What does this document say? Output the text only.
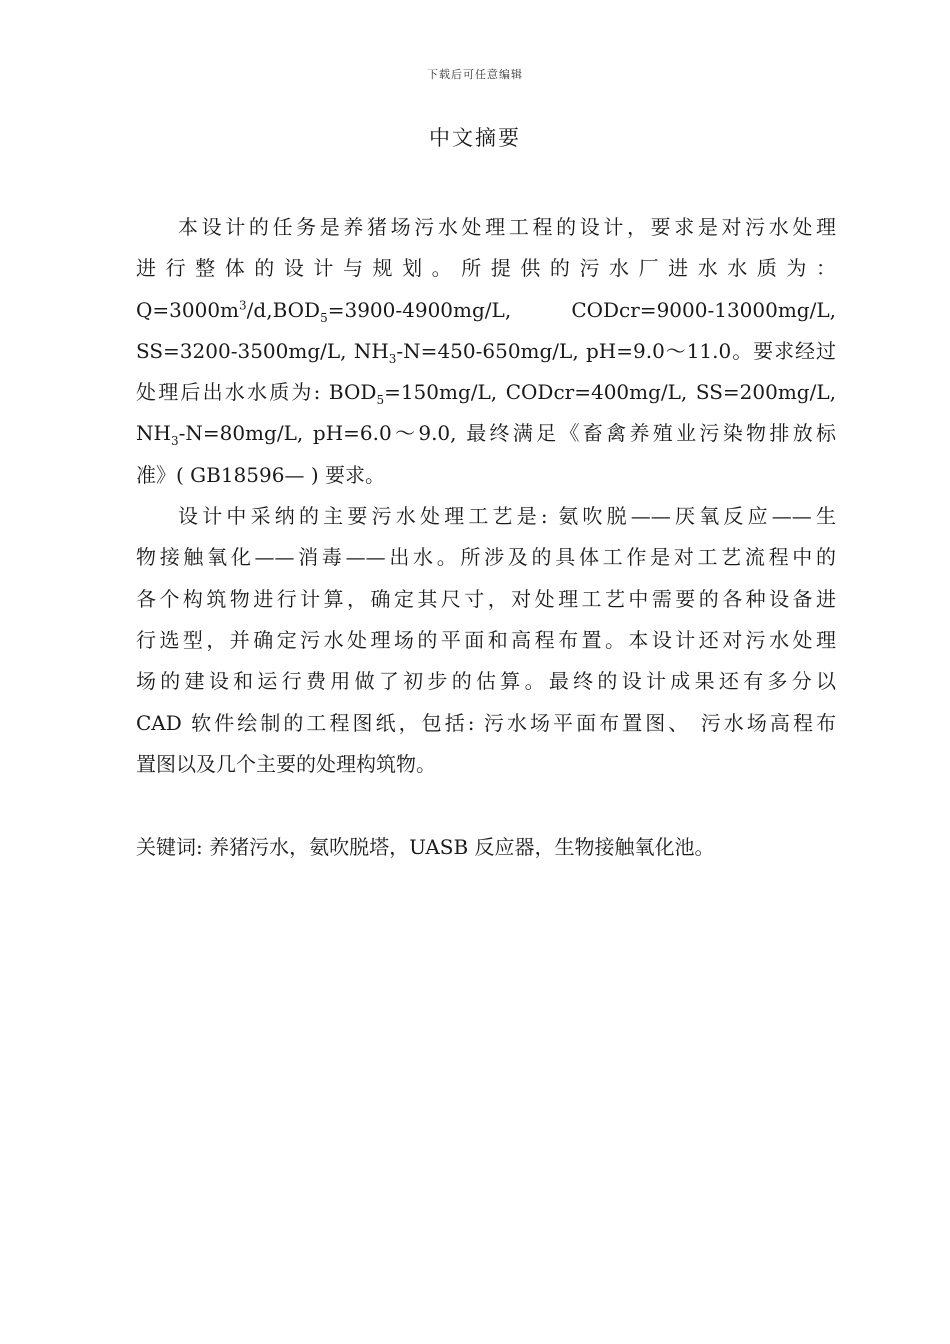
下载后可任意编辑
中文摘要
本设计的任务是养猪场污水处理工程的设计，要求是对污水处理
进行整体的设计与规划。所提供的污水厂进水水质为：
$Q=3000m^3/d,BOD_5=3900-4900mg/L$,	CODcr=9000-13000mg/L,
SS=3200-3500mg/L, $NH_3-N=450-650mg/L$, pH=9.0～11.0。要求经过
处理后出水水质为: $BOD_5=150mg/L$, CODcr=400mg/L, SS=200mg/L,
$NH_3-N=80mg/L$, pH=6.0～9.0, 最终满足《畜禽养殖业污染物排放标
准》( GB18596— ) 要求。
设计中采纳的主要污水处理工艺是: 氨吹脱——厌氧反应——生
物接触氧化——消毒——出水。所涉及的具体工作是对工艺流程中的
各个构筑物进行计算，确定其尺寸，对处理工艺中需要的各种设备进
行选型，并确定污水处理场的平面和高程布置。本设计还对污水处理
场的建设和运行费用做了初步的估算。最终的设计成果还有多分以
CAD 软件绘制的工程图纸，包括: 污水场平面布置图、 污水场高程布
置图以及几个主要的处理构筑物。
关键词: 养猪污水，氨吹脱塔，UASB 反应器，生物接触氧化池。
